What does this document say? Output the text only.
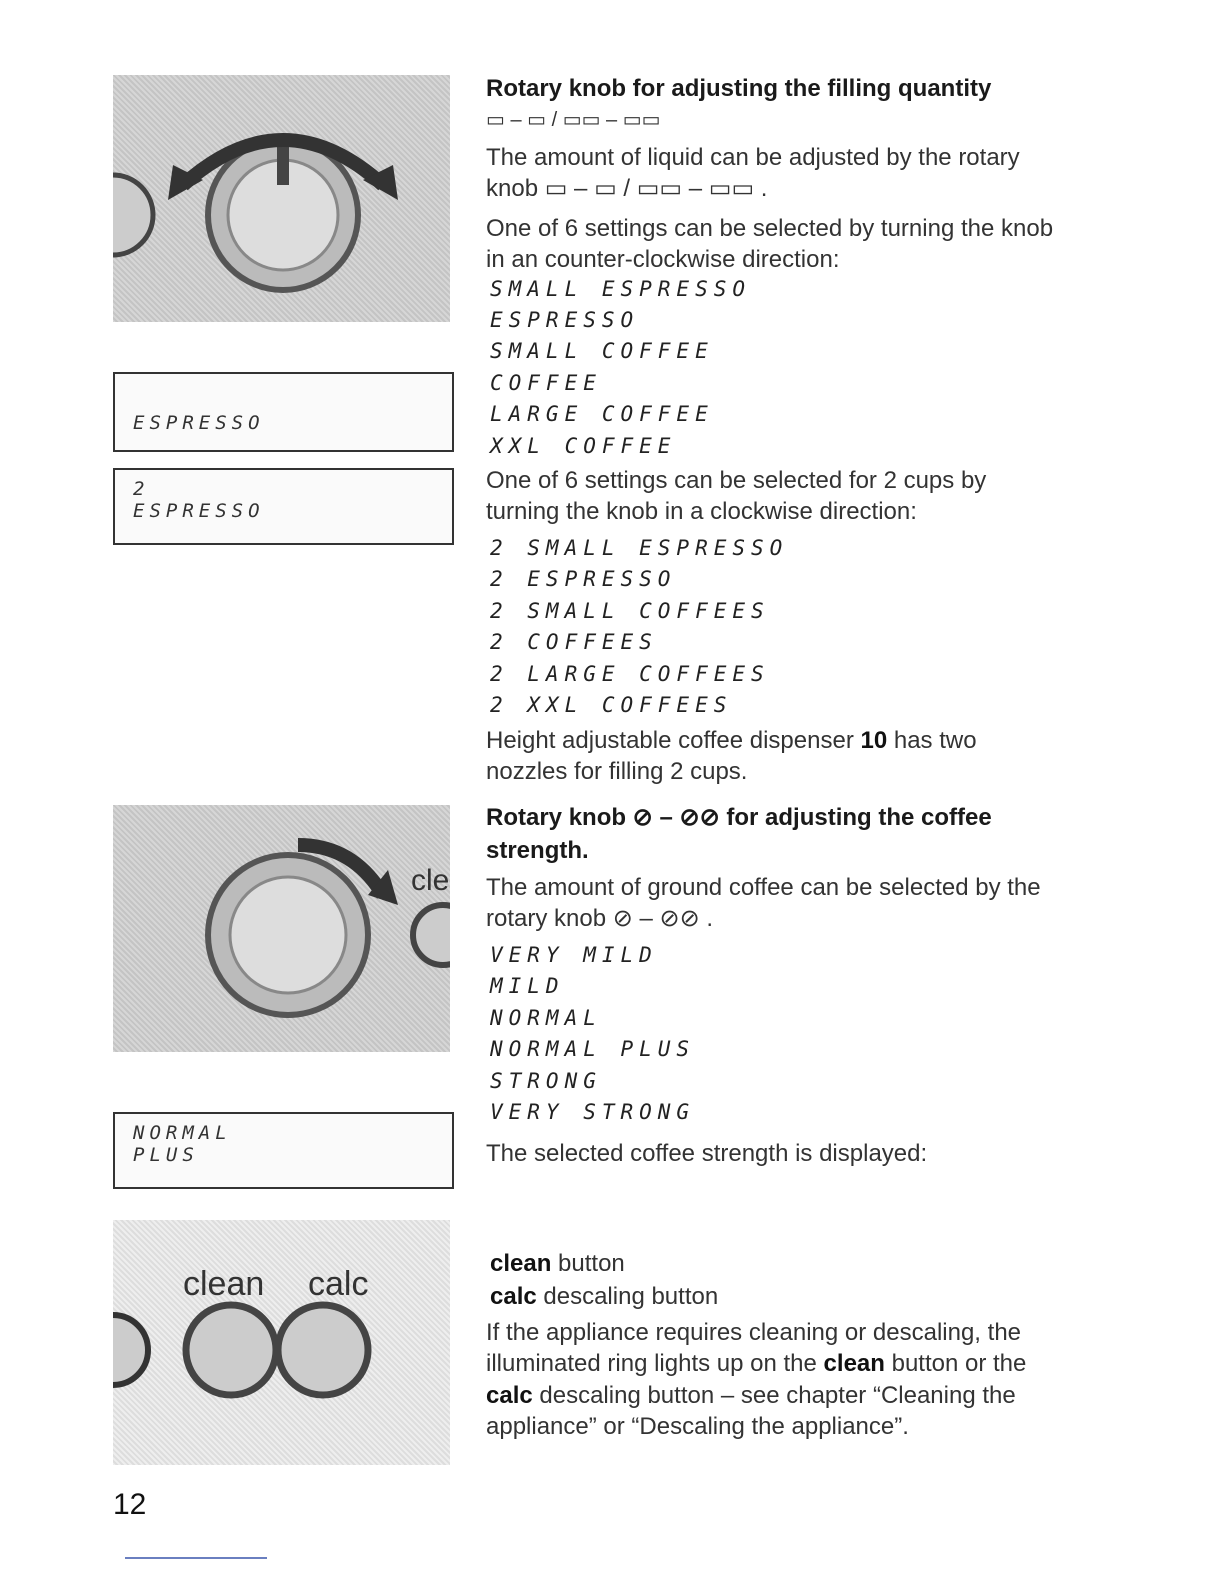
ESPRESSO
2
ESPRESSO
cle
NORMAL
PLUS
clean calc
Rotary knob for adjusting the filling quantity
▭ – ▭ / ▭▭ – ▭▭
The amount of liquid can be adjusted by the rotary
knob ▭ – ▭ / ▭▭ – ▭▭ .
One of 6 settings can be selected by turning the knob
in an counter-clockwise direction:
SMALL ESPRESSO
ESPRESSO
SMALL COFFEE
COFFEE
LARGE COFFEE
XXL COFFEE
One of 6 settings can be selected for 2 cups by
turning the knob in a clockwise direction:
2 SMALL ESPRESSO
2 ESPRESSO
2 SMALL COFFEES
2 COFFEES
2 LARGE COFFEES
2 XXL COFFEES
Height adjustable coffee dispenser 10 has two
nozzles for filling 2 cups.
Rotary knob ⊘ – ⊘⊘ for adjusting the coffee
strength.
The amount of ground coffee can be selected by the
rotary knob ⊘ – ⊘⊘ .
VERY MILD
MILD
NORMAL
NORMAL PLUS
STRONG
VERY STRONG
The selected coffee strength is displayed:
clean button
calc descaling button
If the appliance requires cleaning or descaling, the
illuminated ring lights up on the clean button or the
calc descaling button – see chapter “Cleaning the
appliance” or “Descaling the appliance”.
12
